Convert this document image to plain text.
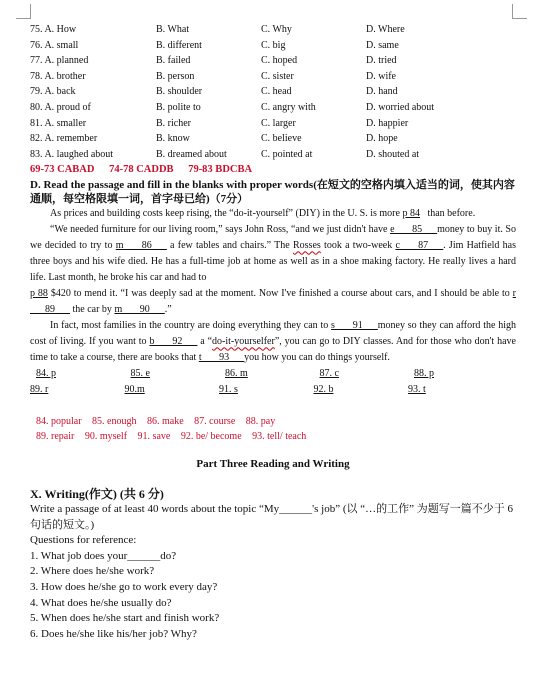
75. A. How	B. What	C. Why	D. Where
76. A. small	B. different	C. big	D. same
77. A. planned	B. failed	C. hoped	D. tried
78. A. brother	B. person	C. sister	D. wife
79. A. back	B. shoulder	C. head	D. hand
80. A. proud of	B. polite to	C. angry with	D. worried about
81. A. smaller	B. richer	C. larger	D. happier
82. A. remember	B. know	C. believe	D. hope
83. A. laughed about	B. dreamed about	C. pointed at	D. shouted at
69-73 CABAD 74-78 CADDB 79-83 BDCBA
D. Read the passage and fill in the blanks with proper words(在短文的空格内填入适当的词，使其内容通顺，每空格限填一词，首字母已给)（7分）
As prices and building costs keep rising, the “do-it-yourself” (DIY) in the U. S. is more p 84 than before.
“We needed furniture for our living room,” says John Ross, “and we just didn't have e ___85___money to buy it. So we decided to try to m ___86___ a few tables and chairs.” The Rosses took a two-week c ___87___. Jim Hatfield has three boys and his wife died. He has a full-time job at home as well as in a shoe making factory. He really lives a hard life. Last month, he broke his car and had to
p 88 $420 to mend it. “I was deeply sad at the moment. Now I've finished a course about cars, and I should be able to r ___89___ the car by m ___90___.”
In fact, most families in the country are doing everything they can to s ___91___money so they can afford the high cost of living. If you want to b ___92___ a “do-it-yourselfer”, you can go to DIY classes. And for those who don't have time to take a course, there are books that t ___93___you how you can do things yourself.
84. p	85. e	86. m	87. c	88. p
89. r	90.m	91. s	92. b	93. t
84. popular 85. enough 86. make 87. course 88. pay
89. repair 90. myself 91. save 92. be/ become 93. tell/ teach
Part Three Reading and Writing
X. Writing(作文) (共 6 分)
Write a passage of at least 40 words about the topic “My______'s job” (以 “…的工作” 为题写一篇不少于 6 句话的短文。)
Questions for reference:
1. What job does your______do?
2. Where does he/she work?
3. How does he/she go to work every day?
4. What does he/she usually do?
5. When does he/she start and finish work?
6. Does he/she like his/her job? Why?
